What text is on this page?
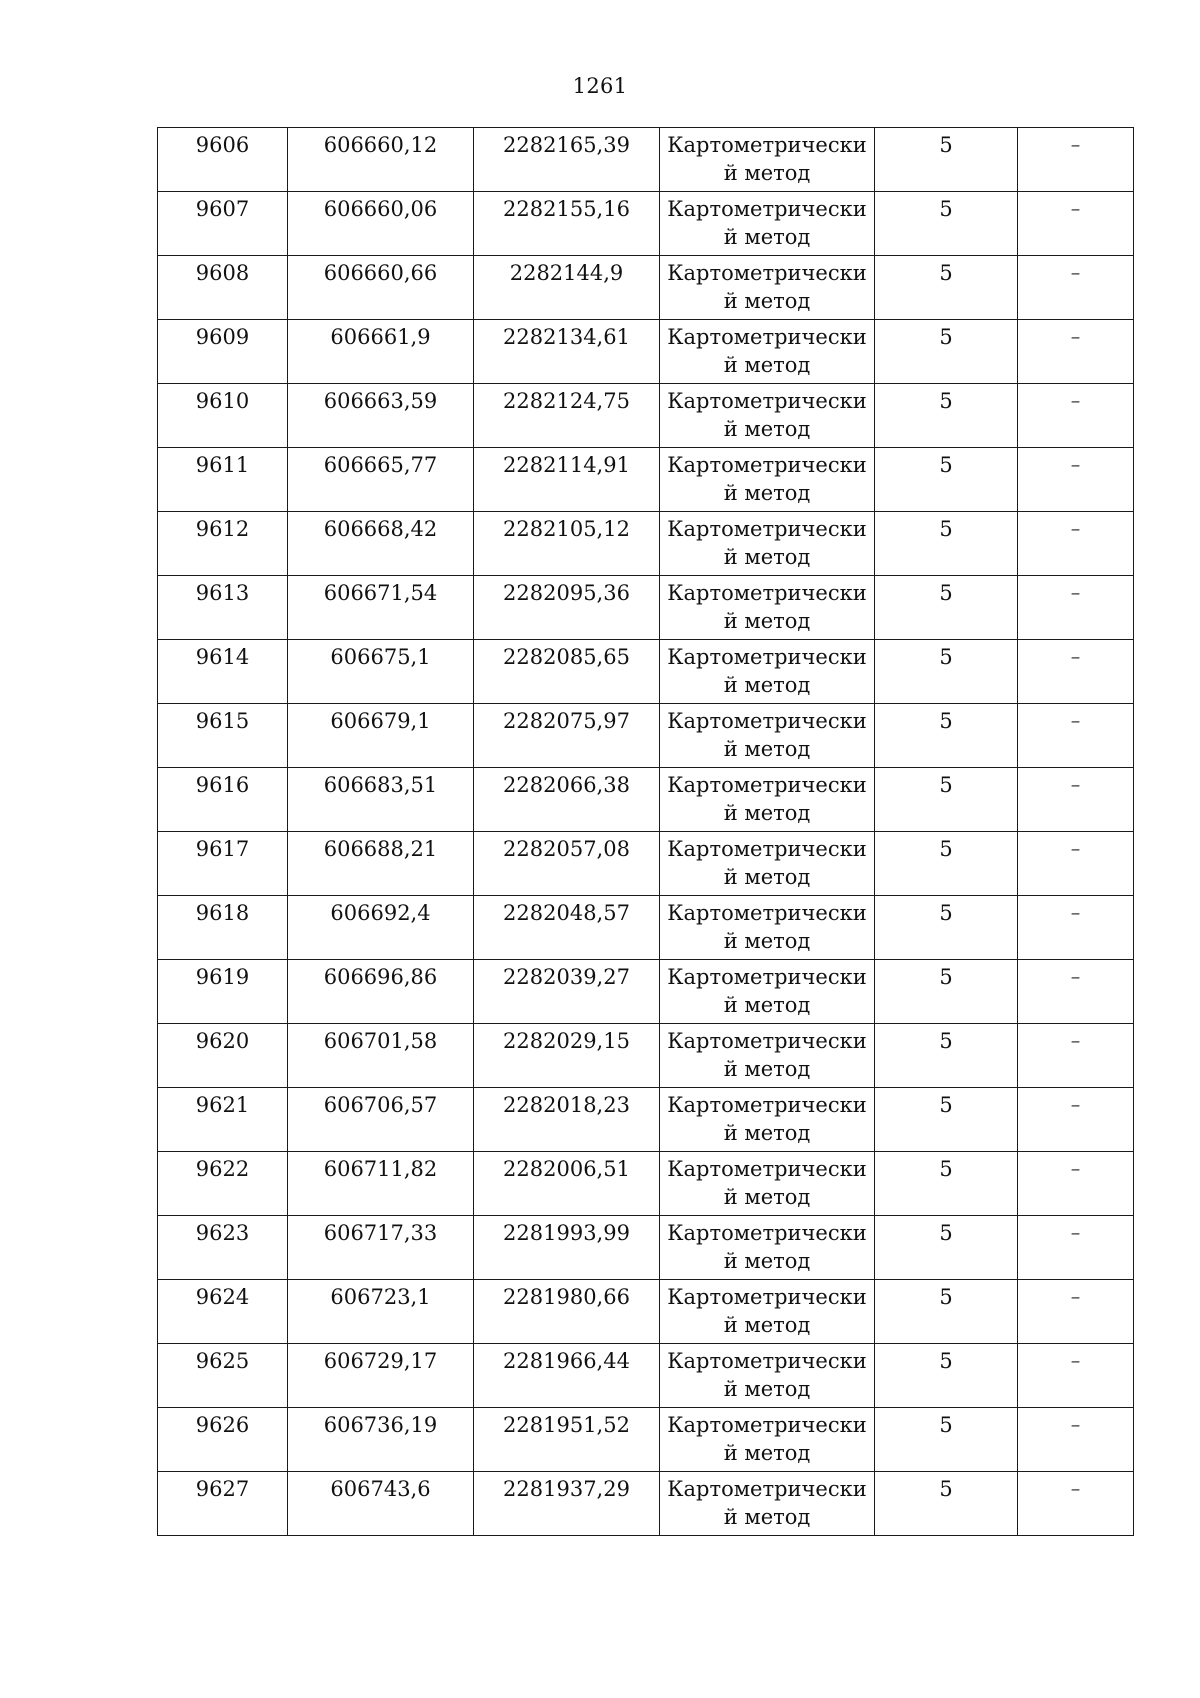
1261
9606	606660,12	2282165,39	Картометрически й метод	5	–

9607	606660,06	2282155,16	Картометрически й метод	5	–

9608	606660,66	2282144,9	Картометрически й метод	5	–

9609	606661,9	2282134,61	Картометрически й метод	5	–

9610	606663,59	2282124,75	Картометрически й метод	5	–

9611	606665,77	2282114,91	Картометрически й метод	5	–

9612	606668,42	2282105,12	Картометрически й метод	5	–

9613	606671,54	2282095,36	Картометрически й метод	5	–

9614	606675,1	2282085,65	Картометрически й метод	5	–

9615	606679,1	2282075,97	Картометрически й метод	5	–

9616	606683,51	2282066,38	Картометрически й метод	5	–

9617	606688,21	2282057,08	Картометрически й метод	5	–

9618	606692,4	2282048,57	Картометрически й метод	5	–

9619	606696,86	2282039,27	Картометрически й метод	5	–

9620	606701,58	2282029,15	Картометрически й метод	5	–

9621	606706,57	2282018,23	Картометрически й метод	5	–

9622	606711,82	2282006,51	Картометрически й метод	5	–

9623	606717,33	2281993,99	Картометрически й метод	5	–

9624	606723,1	2281980,66	Картометрически й метод	5	–

9625	606729,17	2281966,44	Картометрически й метод	5	–

9626	606736,19	2281951,52	Картометрически й метод	5	–

9627	606743,6	2281937,29	Картометрически й метод	5	–
